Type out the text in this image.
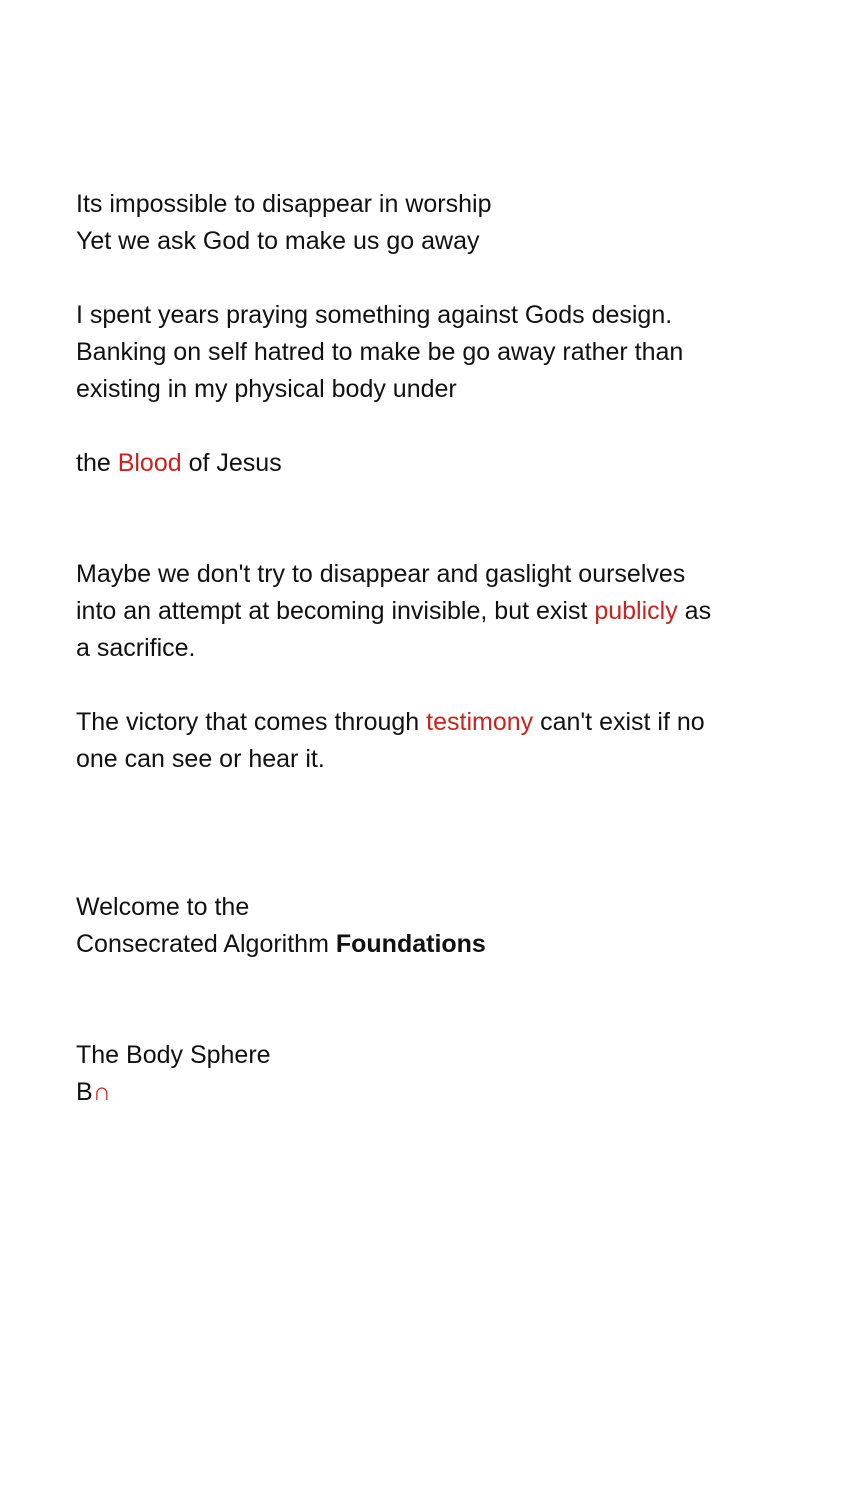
Its impossible to disappear in worship
Yet we ask God to make us go away
I spent years praying something against Gods design.
Banking on self hatred to make be go away rather than
existing in my physical body under
the Blood of Jesus
Maybe we don't try to disappear and gaslight ourselves
into an attempt at becoming invisible, but exist publicly as
a sacrifice.
The victory that comes through testimony can't exist if no
one can see or hear it.
Welcome to the
Consecrated Algorithm Foundations
The Body Sphere
B∩
